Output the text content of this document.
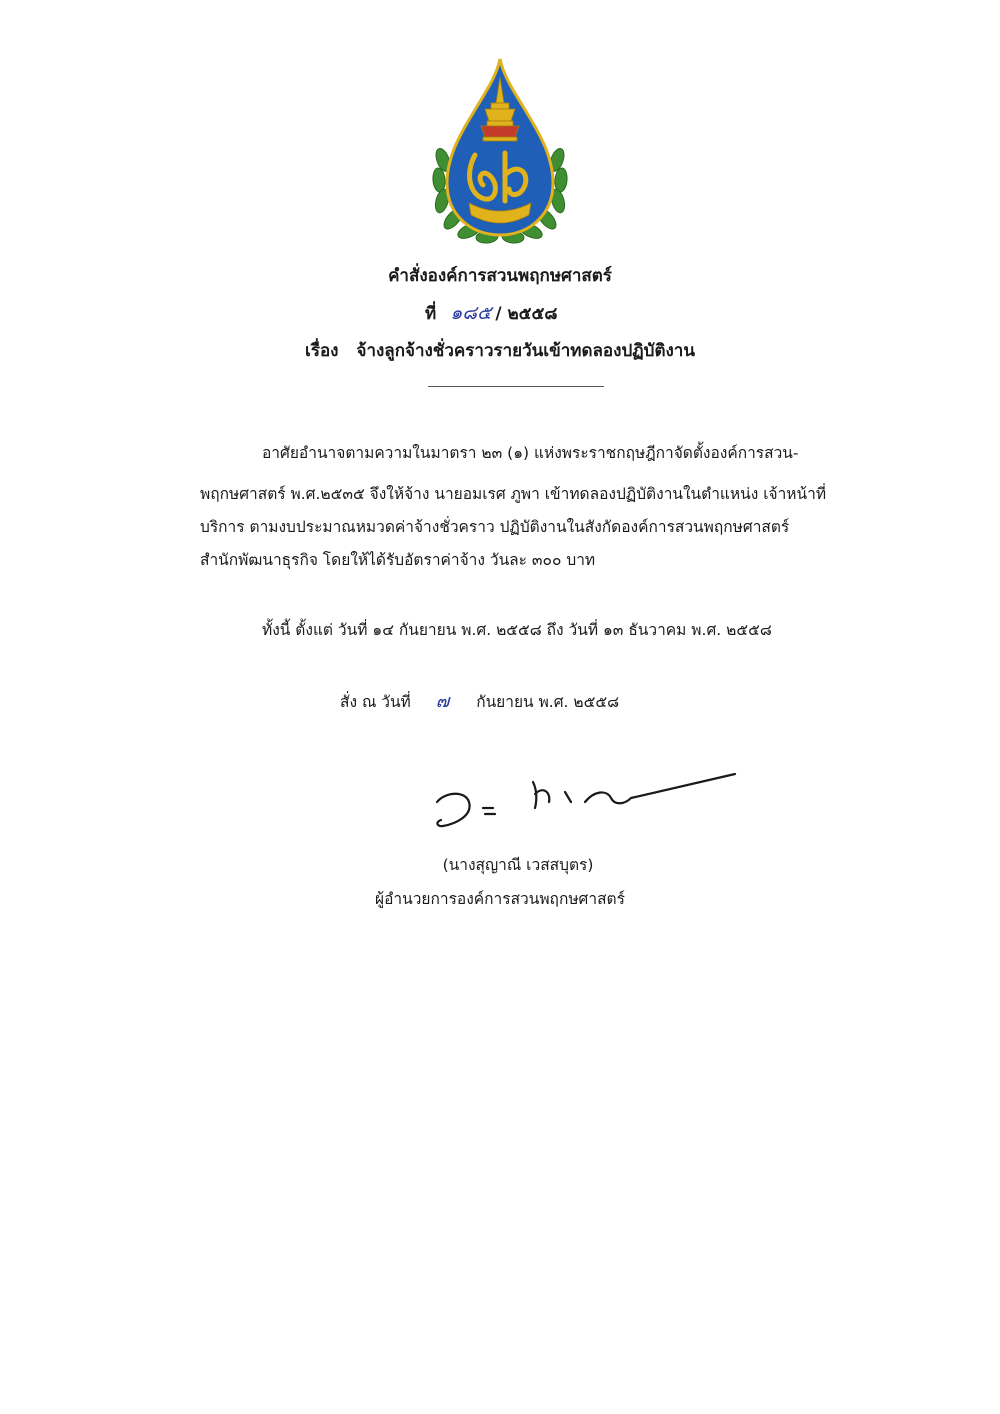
คำสั่งองค์การสวนพฤกษศาสตร์
ที่ ๑๘๕ / ๒๕๕๘
เรื่อง จ้างลูกจ้างชั่วคราวรายวันเข้าทดลองปฏิบัติงาน
อาศัยอำนาจตามความในมาตรา ๒๓ (๑) แห่งพระราชกฤษฎีกาจัดตั้งองค์การสวน-
พฤกษศาสตร์ พ.ศ.๒๕๓๕ จึงให้จ้าง นายอมเรศ ภูพา เข้าทดลองปฏิบัติงานในตำแหน่ง เจ้าหน้าที่
บริการ ตามงบประมาณหมวดค่าจ้างชั่วคราว ปฏิบัติงานในสังกัดองค์การสวนพฤกษศาสตร์
สำนักพัฒนาธุรกิจ โดยให้ได้รับอัตราค่าจ้าง วันละ ๓๐๐ บาท
ทั้งนี้ ตั้งแต่ วันที่ ๑๔ กันยายน พ.ศ. ๒๕๕๘ ถึง วันที่ ๑๓ ธันวาคม พ.ศ. ๒๕๕๘
สั่ง ณ วันที่ ๗ กันยายน พ.ศ. ๒๕๕๘
(นางสุญาณี เวสสบุตร)
ผู้อำนวยการองค์การสวนพฤกษศาสตร์
